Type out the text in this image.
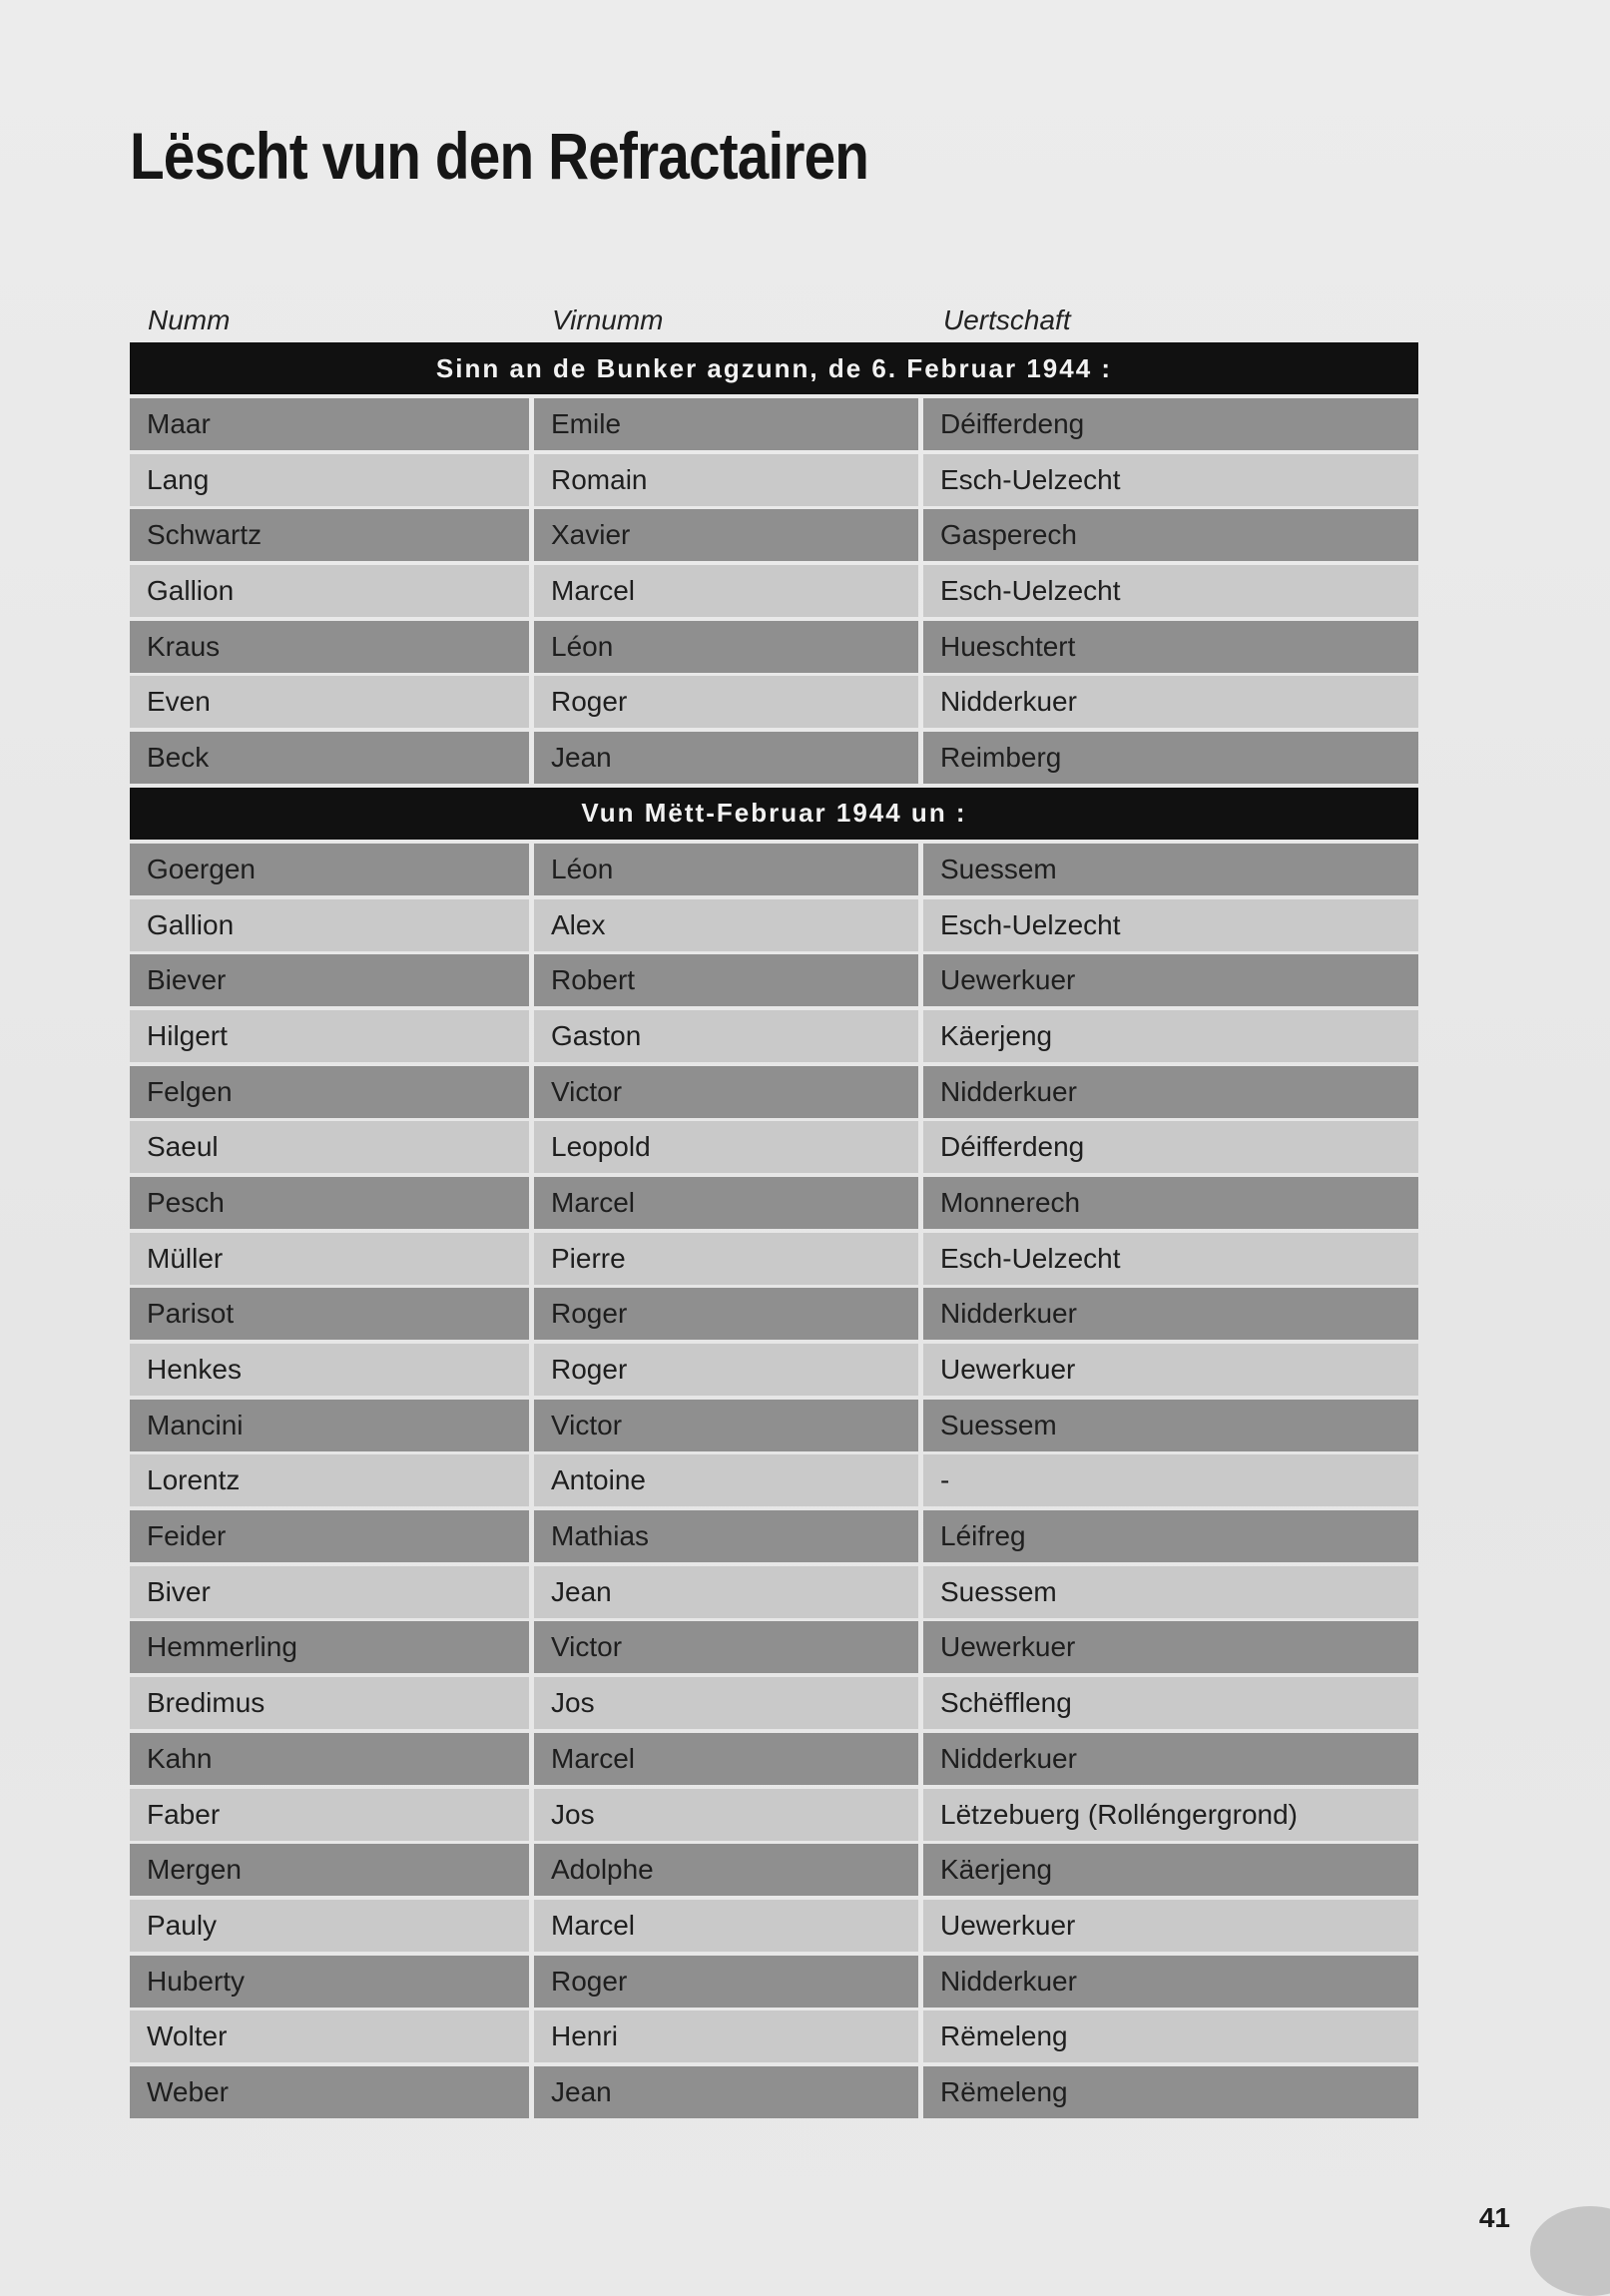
Lëscht vun den Refractairen
Numm	Virnumm	Uertschaft
Sinn an de Bunker agzunn, de 6. Februar 1944 :
Maar	Emile	Déifferdeng
Lang	Romain	Esch-Uelzecht
Schwartz	Xavier	Gasperech
Gallion	Marcel	Esch-Uelzecht
Kraus	Léon	Hueschtert
Even	Roger	Nidderkuer
Beck	Jean	Reimberg
Vun Mëtt-Februar 1944 un :
Goergen	Léon	Suessem
Gallion	Alex	Esch-Uelzecht
Biever	Robert	Uewerkuer
Hilgert	Gaston	Käerjeng
Felgen	Victor	Nidderkuer
Saeul	Leopold	Déifferdeng
Pesch	Marcel	Monnerech
Müller	Pierre	Esch-Uelzecht
Parisot	Roger	Nidderkuer
Henkes	Roger	Uewerkuer
Mancini	Victor	Suessem
Lorentz	Antoine	-
Feider	Mathias	Léifreg
Biver	Jean	Suessem
Hemmerling	Victor	Uewerkuer
Bredimus	Jos	Schëffleng
Kahn	Marcel	Nidderkuer
Faber	Jos	Lëtzebuerg (Rolléngergrond)
Mergen	Adolphe	Käerjeng
Pauly	Marcel	Uewerkuer
Huberty	Roger	Nidderkuer
Wolter	Henri	Rëmeleng
Weber	Jean	Rëmeleng
41
